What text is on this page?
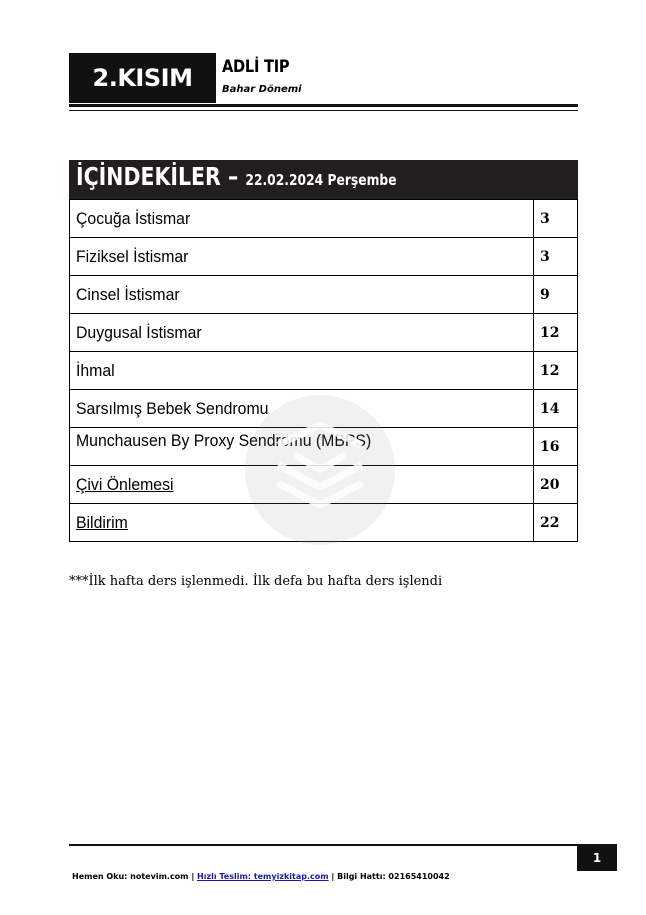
2.KISIM	ADLİ TIP
Bahar Dönemi
İÇİNDEKİLER – 22.02.2024 Perşembe
Çocuğa İstismar	3
Fiziksel İstismar	3
Cinsel İstismar	9
Duygusal İstismar	12
İhmal	12
Sarsılmış Bebek Sendromu	14
Munchausen By Proxy Sendromu (MBPS)	16
Çivi Önlemesi	20
Bildirim	22
***İlk hafta ders işlenmedi. İlk defa bu hafta ders işlendi
1
Hemen Oku: notevim.com | Hızlı Teslim: temyizkitap.com | Bilgi Hattı: 02165410042
